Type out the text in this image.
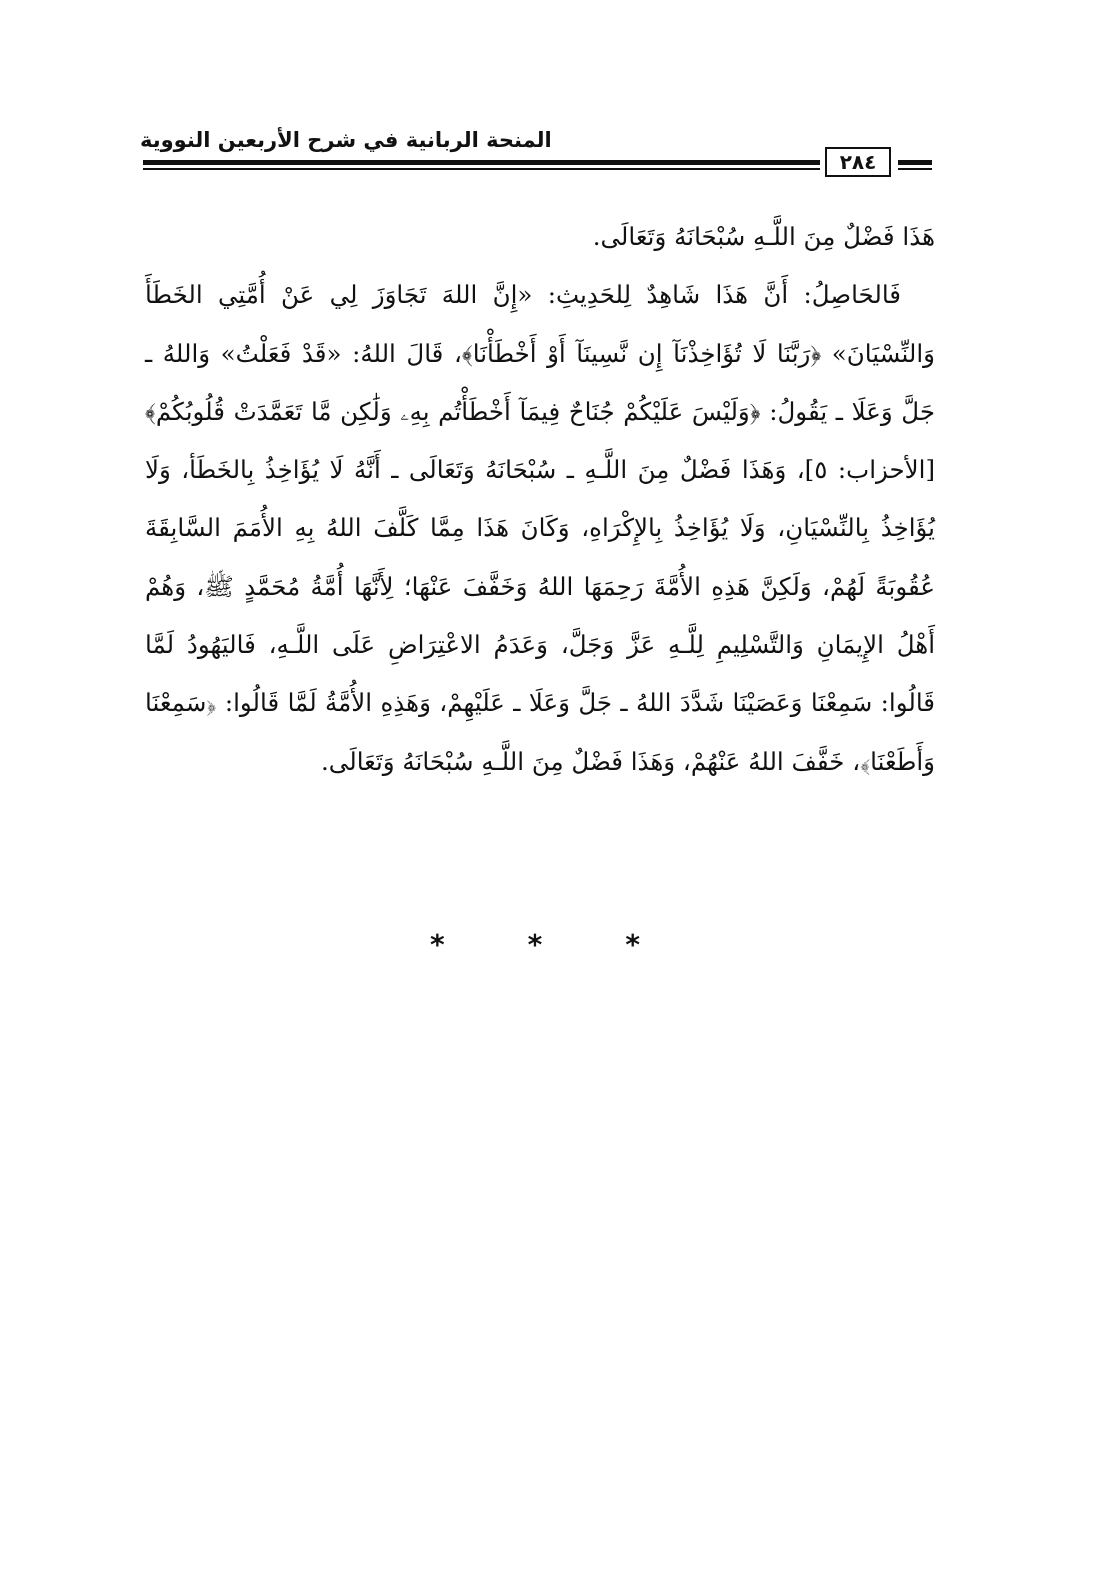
المنحة الربانية في شرح الأربعين النووية
٢٨٤

هَذَا فَضْلٌ مِنَ اللَّـهِ سُبْحَانَهُ وَتَعَالَى.

فَالحَاصِلُ: أَنَّ هَذَا شَاهِدٌ لِلحَدِيثِ: «إِنَّ اللهَ تَجَاوَزَ لِي عَنْ أُمَّتِي الخَطَأَ وَالنِّسْيَانَ» ﴿رَبَّنَا لَا تُؤَاخِذْنَآ إِن نَّسِينَآ أَوْ أَخْطَأْنَا﴾، قَالَ اللهُ: «قَدْ فَعَلْتُ» وَاللهُ ـ جَلَّ وَعَلَا ـ يَقُولُ: ﴿وَلَيْسَ عَلَيْكُمْ جُنَاحٌ فِيمَآ أَخْطَأْتُم بِهِۦ وَلَٰكِن مَّا تَعَمَّدَتْ قُلُوبُكُمْ﴾ [الأحزاب: ٥]، وَهَذَا فَضْلٌ مِنَ اللَّـهِ ـ سُبْحَانَهُ وَتَعَالَى ـ أَنَّهُ لَا يُؤَاخِذُ بِالخَطَأ، وَلَا يُؤَاخِذُ بِالنِّسْيَانِ، وَلَا يُؤَاخِذُ بِالإِكْرَاهِ، وَكَانَ هَذَا مِمَّا كَلَّفَ اللهُ بِهِ الأُمَمَ السَّابِقَةَ عُقُوبَةً لَهُمْ، وَلَكِنَّ هَذِهِ الأُمَّةَ رَحِمَهَا اللهُ وَخَفَّفَ عَنْهَا؛ لِأَنَّهَا أُمَّةُ مُحَمَّدٍ ﷺ، وَهُمْ أَهْلُ الإِيمَانِ وَالتَّسْلِيمِ لِلَّـهِ عَزَّ وَجَلَّ، وَعَدَمُ الاعْتِرَاضِ عَلَى اللَّـهِ، فَاليَهُودُ لَمَّا قَالُوا: سَمِعْنَا وَعَصَيْنَا شَدَّدَ اللهُ ـ جَلَّ وَعَلَا ـ عَلَيْهِمْ، وَهَذِهِ الأُمَّةُ لَمَّا قَالُوا: ﴿سَمِعْنَا وَأَطَعْنَا﴾، خَفَّفَ اللهُ عَنْهُمْ، وَهَذَا فَضْلٌ مِنَ اللَّـهِ سُبْحَانَهُ وَتَعَالَى.

*	*	*
